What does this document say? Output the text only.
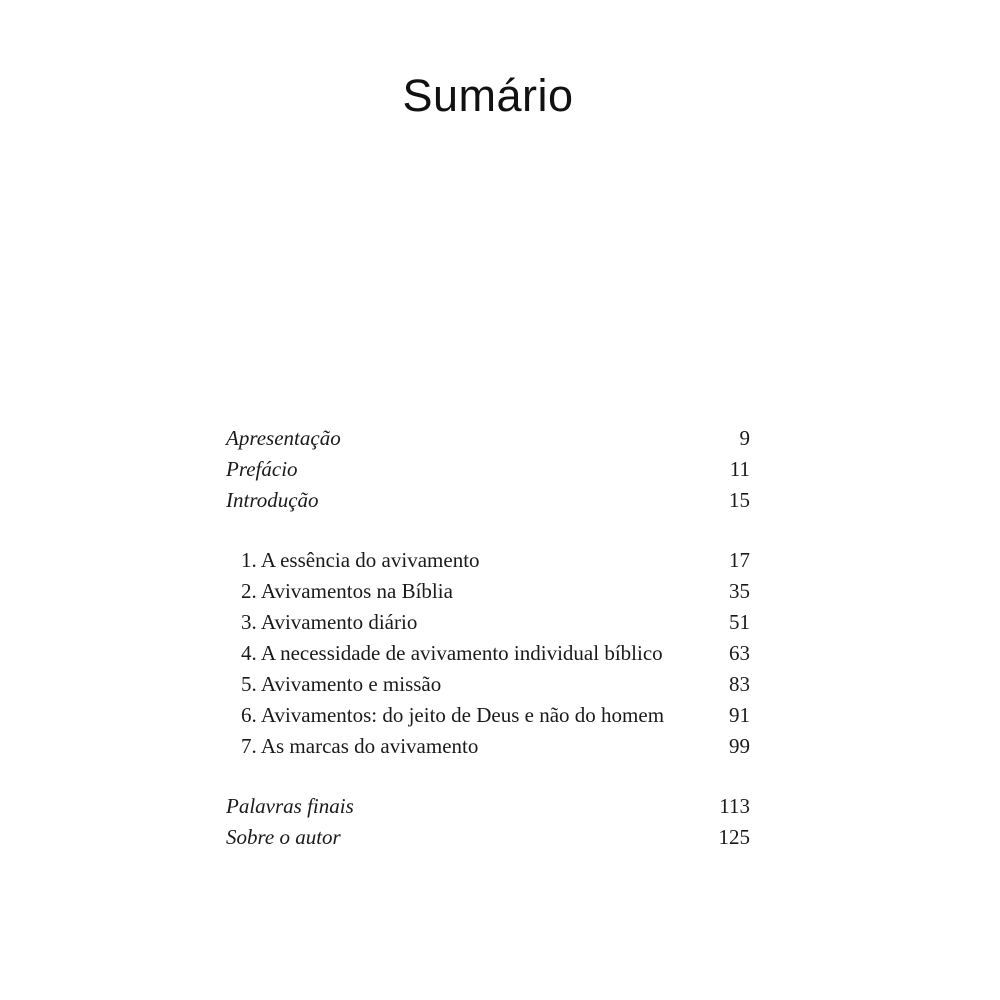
Sumário
Apresentação	9
Prefácio	11
Introdução	15
1. A essência do avivamento	17
2. Avivamentos na Bíblia	35
3. Avivamento diário	51
4. A necessidade de avivamento individual bíblico	63
5. Avivamento e missão	83
6. Avivamentos: do jeito de Deus e não do homem	91
7. As marcas do avivamento	99
Palavras finais	113
Sobre o autor	125
